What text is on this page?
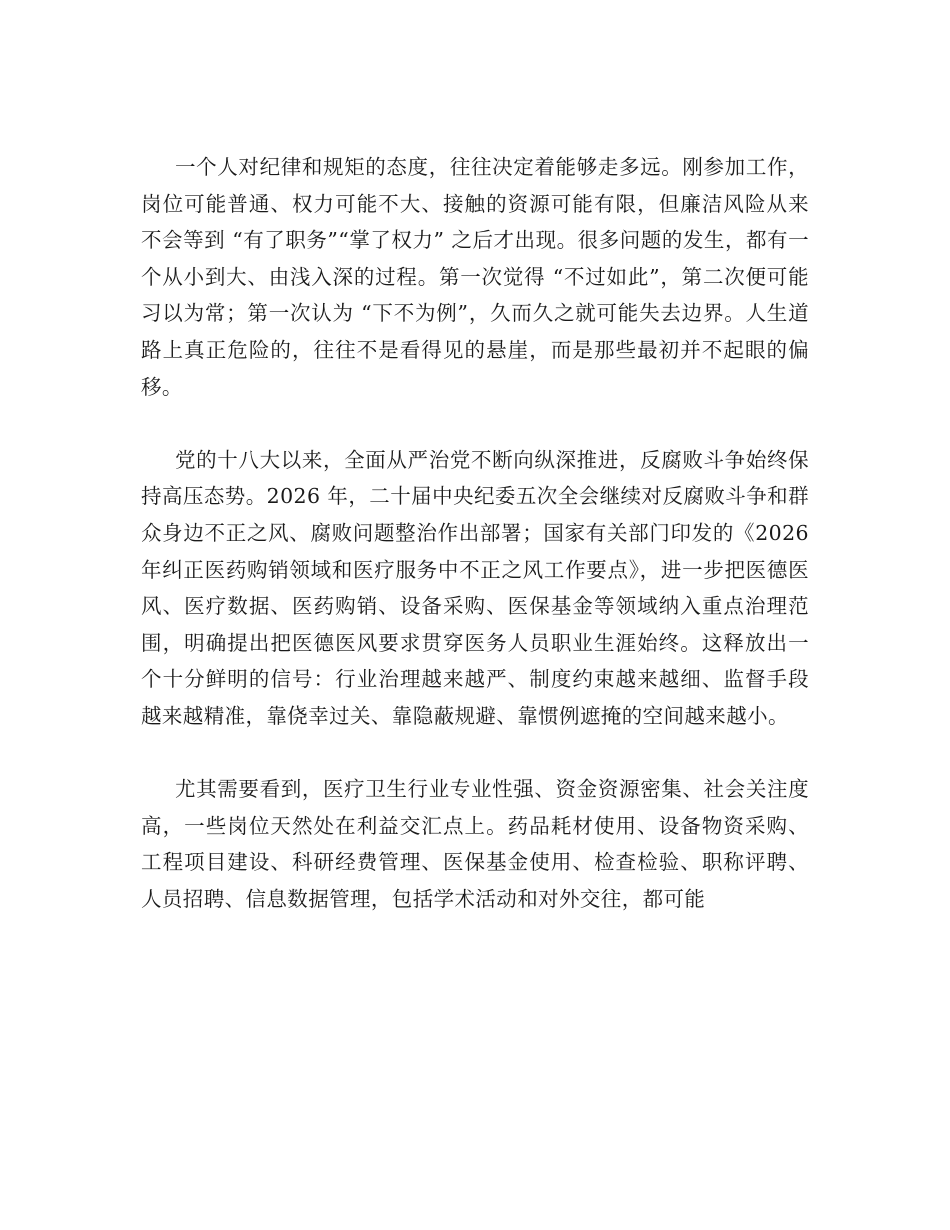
一个人对纪律和规矩的态度，往往决定着能够走多远。刚参加工作，岗位可能普通、权力可能不大、接触的资源可能有限，但廉洁风险从来不会等到 “有了职务”“掌了权力” 之后才出现。很多问题的发生，都有一个从小到大、由浅入深的过程。第一次觉得 “不过如此”，第二次便可能习以为常；第一次认为 “下不为例”，久而久之就可能失去边界。人生道路上真正危险的，往往不是看得见的悬崖，而是那些最初并不起眼的偏移。

党的十八大以来，全面从严治党不断向纵深推进，反腐败斗争始终保持高压态势。2026 年，二十届中央纪委五次全会继续对反腐败斗争和群众身边不正之风、腐败问题整治作出部署；国家有关部门印发的《2026 年纠正医药购销领域和医疗服务中不正之风工作要点》，进一步把医德医风、医疗数据、医药购销、设备采购、医保基金等领域纳入重点治理范围，明确提出把医德医风要求贯穿医务人员职业生涯始终。这释放出一个十分鲜明的信号：行业治理越来越严、制度约束越来越细、监督手段越来越精准，靠侥幸过关、靠隐蔽规避、靠惯例遮掩的空间越来越小。

尤其需要看到，医疗卫生行业专业性强、资金资源密集、社会关注度高，一些岗位天然处在利益交汇点上。药品耗材使用、设备物资采购、工程项目建设、科研经费管理、医保基金使用、检查检验、职称评聘、人员招聘、信息数据管理，包括学术活动和对外交往，都可能
